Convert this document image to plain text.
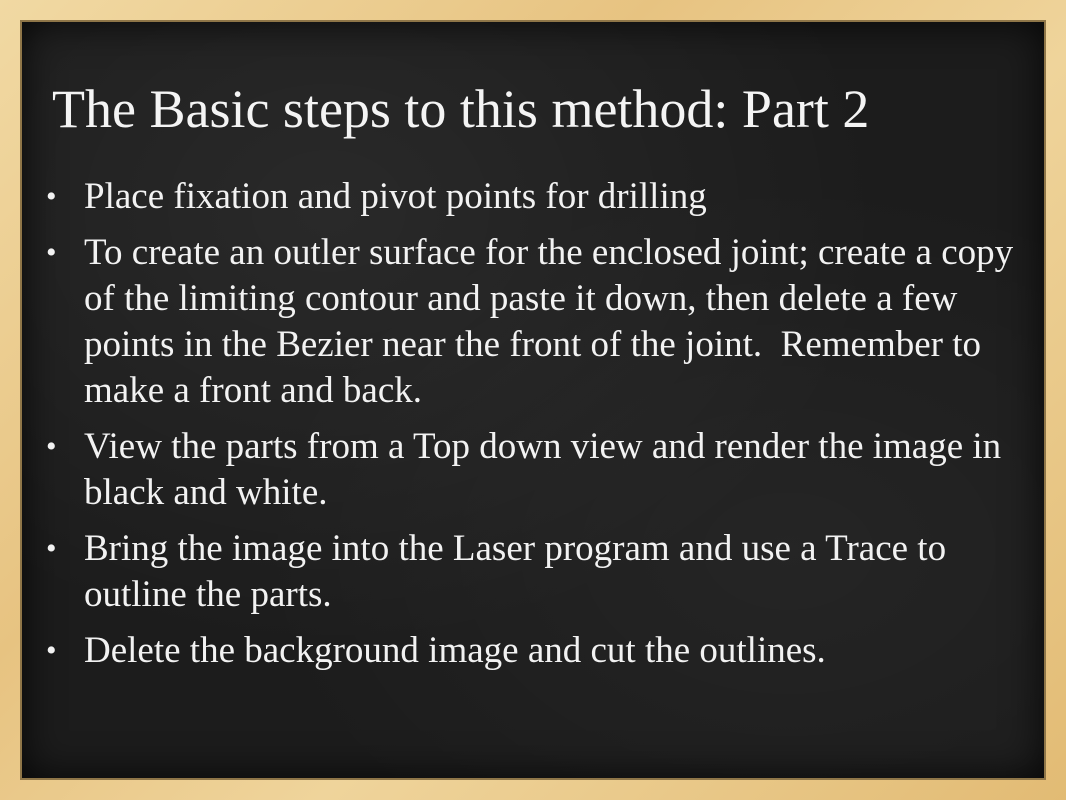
The Basic steps to this method: Part 2
• Place fixation and pivot points for drilling
• To create an outler surface for the enclosed joint; create a copy of the limiting contour and paste it down, then delete a few points in the Bezier near the front of the joint.  Remember to make a front and back.
• View the parts from a Top down view and render the image in black and white.
• Bring the image into the Laser program and use a Trace to outline the parts.
• Delete the background image and cut the outlines.
